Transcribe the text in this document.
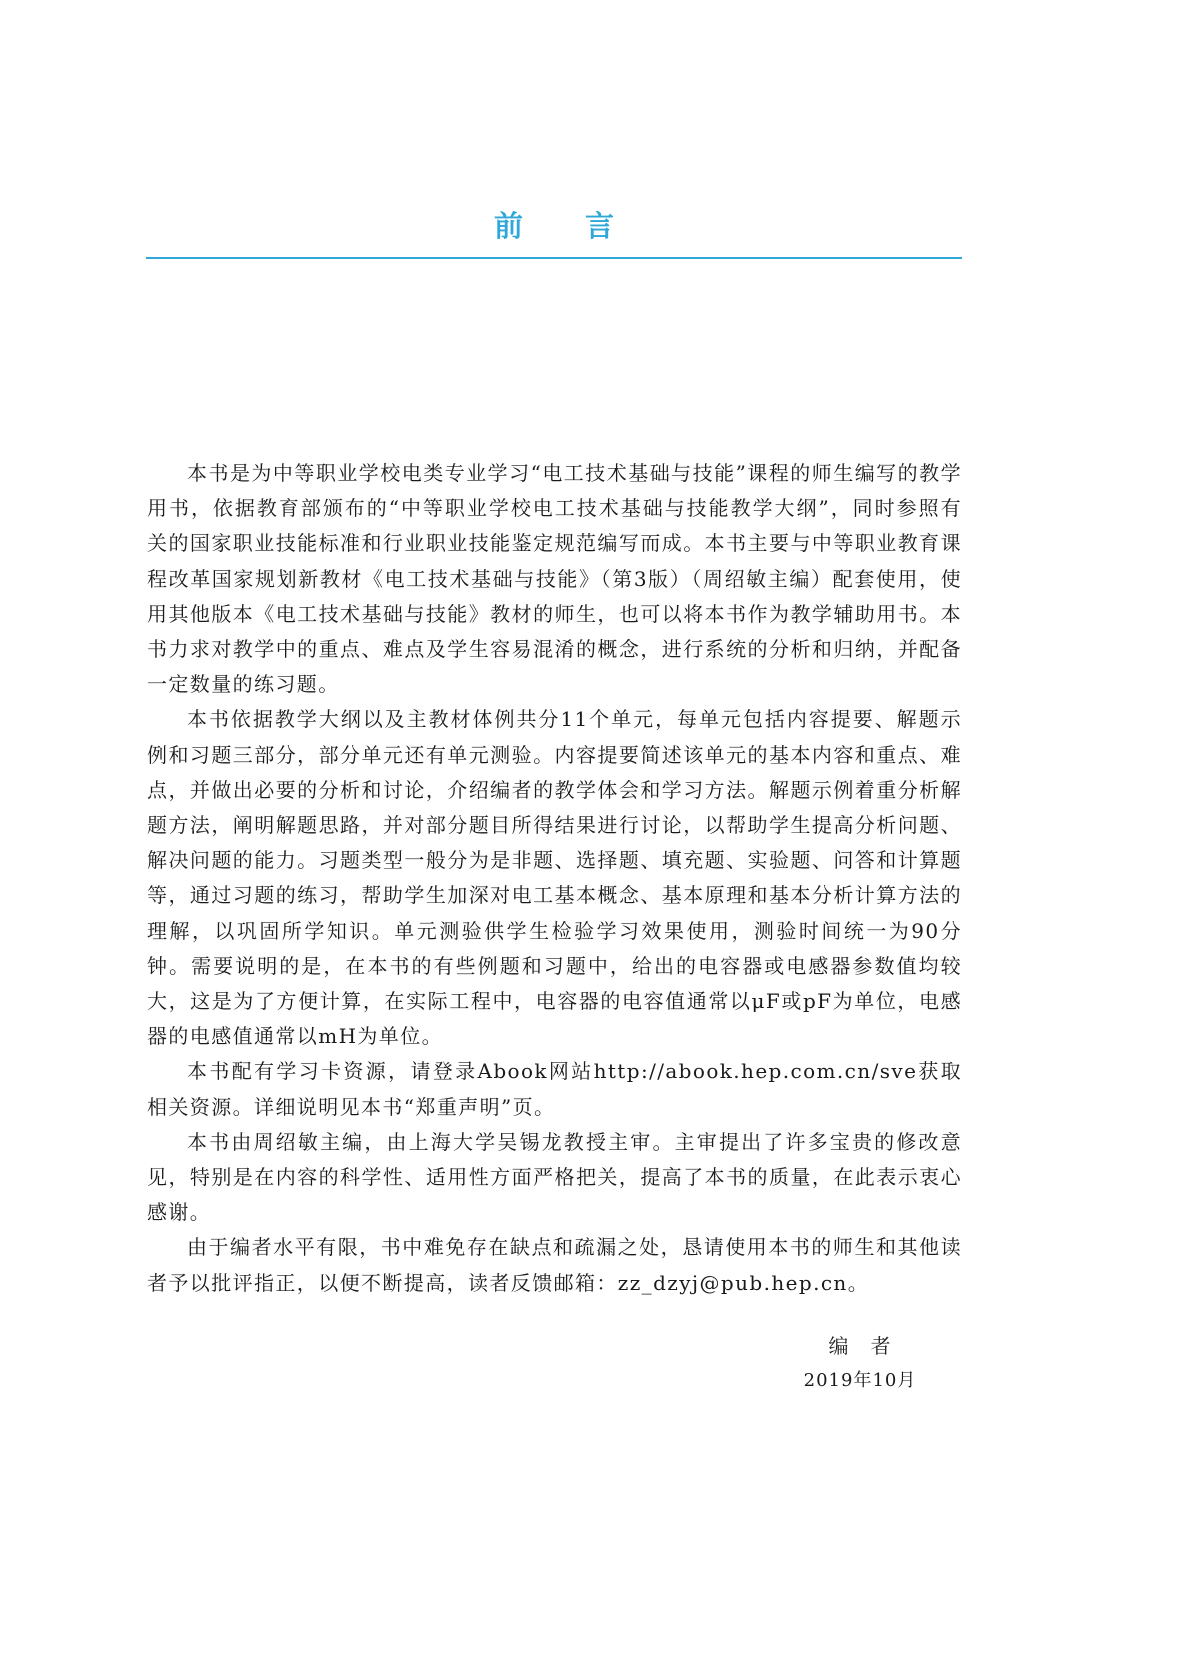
前言

本书是为中等职业学校电类专业学习“电工技术基础与技能”课程的师生编写的教学用书，依据教育部颁布的“中等职业学校电工技术基础与技能教学大纲”，同时参照有关的国家职业技能标准和行业职业技能鉴定规范编写而成。本书主要与中等职业教育课程改革国家规划新教材《电工技术基础与技能》（第3版）（周绍敏主编）配套使用，使用其他版本《电工技术基础与技能》教材的师生，也可以将本书作为教学辅助用书。本书力求对教学中的重点、难点及学生容易混淆的概念，进行系统的分析和归纳，并配备一定数量的练习题。

本书依据教学大纲以及主教材体例共分11个单元，每单元包括内容提要、解题示例和习题三部分，部分单元还有单元测验。内容提要简述该单元的基本内容和重点、难点，并做出必要的分析和讨论，介绍编者的教学体会和学习方法。解题示例着重分析解题方法，阐明解题思路，并对部分题目所得结果进行讨论，以帮助学生提高分析问题、解决问题的能力。习题类型一般分为是非题、选择题、填充题、实验题、问答和计算题等，通过习题的练习，帮助学生加深对电工基本概念、基本原理和基本分析计算方法的理解，以巩固所学知识。单元测验供学生检验学习效果使用，测验时间统一为90分钟。需要说明的是，在本书的有些例题和习题中，给出的电容器或电感器参数值均较大，这是为了方便计算，在实际工程中，电容器的电容值通常以μF或pF为单位，电感器的电感值通常以mH为单位。

本书配有学习卡资源，请登录Abook网站http://abook.hep.com.cn/sve获取相关资源。详细说明见本书“郑重声明”页。

本书由周绍敏主编，由上海大学吴锡龙教授主审。主审提出了许多宝贵的修改意见，特别是在内容的科学性、适用性方面严格把关，提高了本书的质量，在此表示衷心感谢。

由于编者水平有限，书中难免存在缺点和疏漏之处，恳请使用本书的师生和其他读者予以批评指正，以便不断提高，读者反馈邮箱：zz_dzyj@pub.hep.cn。

编　者
2019年10月
